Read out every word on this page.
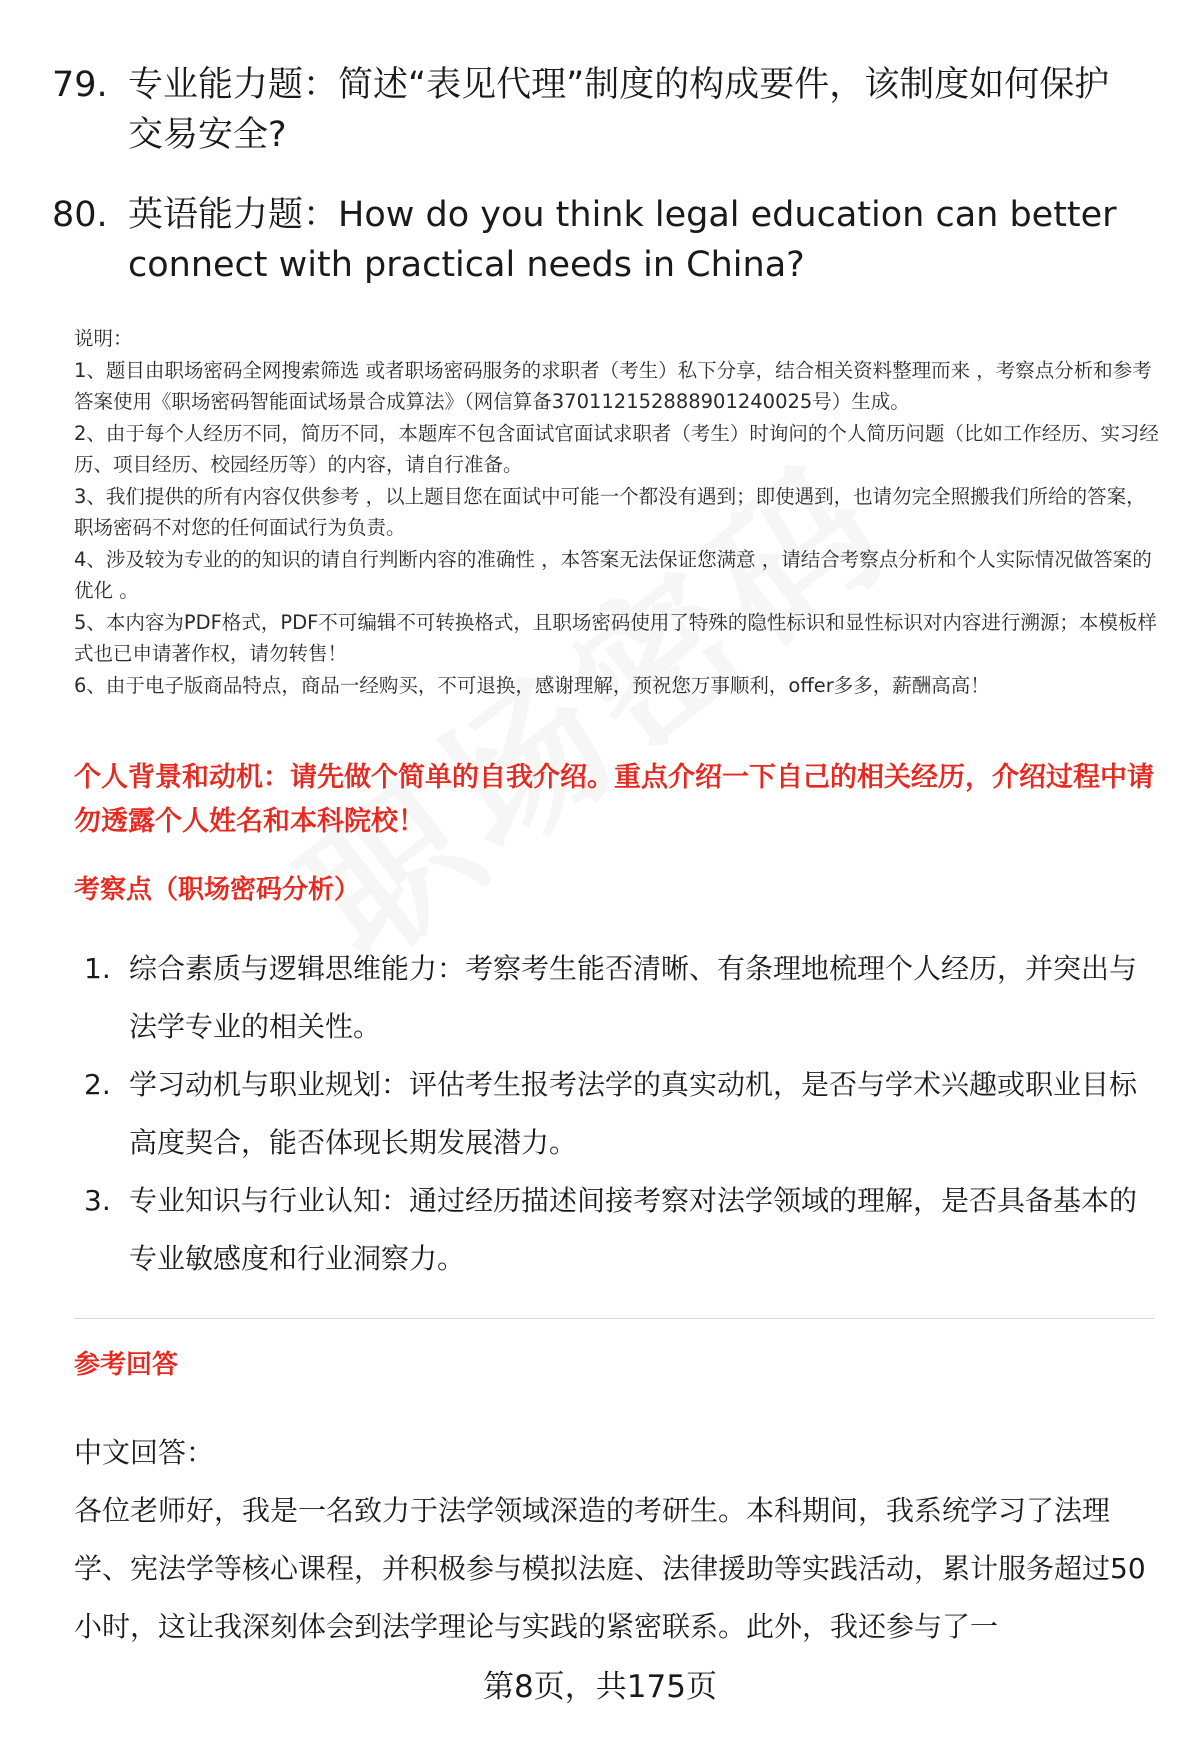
79. 专业能力题：简述“表见代理”制度的构成要件，该制度如何保护交易安全?
80. 英语能力题：How do you think legal education can better connect with practical needs in China?

说明：

1、题目由职场密码全网搜索筛选 或者职场密码服务的求职者（考生）私下分享，结合相关资料整理而来 ，考察点分析和参考答案使用《职场密码智能面试场景合成算法》（网信算备370112152888901240025号）生成。

2、由于每个人经历不同，简历不同，本题库不包含面试官面试求职者（考生）时询问的个人简历问题（比如工作经历、实习经历、项目经历、校园经历等）的内容，请自行准备。

3、我们提供的所有内容仅供参考 ，以上题目您在面试中可能一个都没有遇到；即使遇到，也请勿完全照搬我们所给的答案，职场密码不对您的任何面试行为负责。

4、涉及较为专业的的知识的请自行判断内容的准确性 ，本答案无法保证您满意 ，请结合考察点分析和个人实际情况做答案的优化 。

5、本内容为PDF格式，PDF不可编辑不可转换格式，且职场密码使用了特殊的隐性标识和显性标识对内容进行溯源；本模板样式也已申请著作权，请勿转售！

6、由于电子版商品特点，商品一经购买，不可退换，感谢理解，预祝您万事顺利，offer多多，薪酬高高！

个人背景和动机：请先做个简单的自我介绍。重点介绍一下自己的相关经历，介绍过程中请勿透露个人姓名和本科院校！
考察点（职场密码分析）
1. 综合素质与逻辑思维能力：考察考生能否清晰、有条理地梳理个人经历，并突出与法学专业的相关性。
2. 学习动机与职业规划：评估考生报考法学的真实动机，是否与学术兴趣或职业目标高度契合，能否体现长期发展潜力。
3. 专业知识与行业认知：通过经历描述间接考察对法学领域的理解，是否具备基本的专业敏感度和行业洞察力。
参考回答
中文回答：
各位老师好，我是一名致力于法学领域深造的考研生。本科期间，我系统学习了法理学、宪法学等核心课程，并积极参与模拟法庭、法律援助等实践活动，累计服务超过50小时，这让我深刻体会到法学理论与实践的紧密联系。此外，我还参与了一
第8页，共175页
